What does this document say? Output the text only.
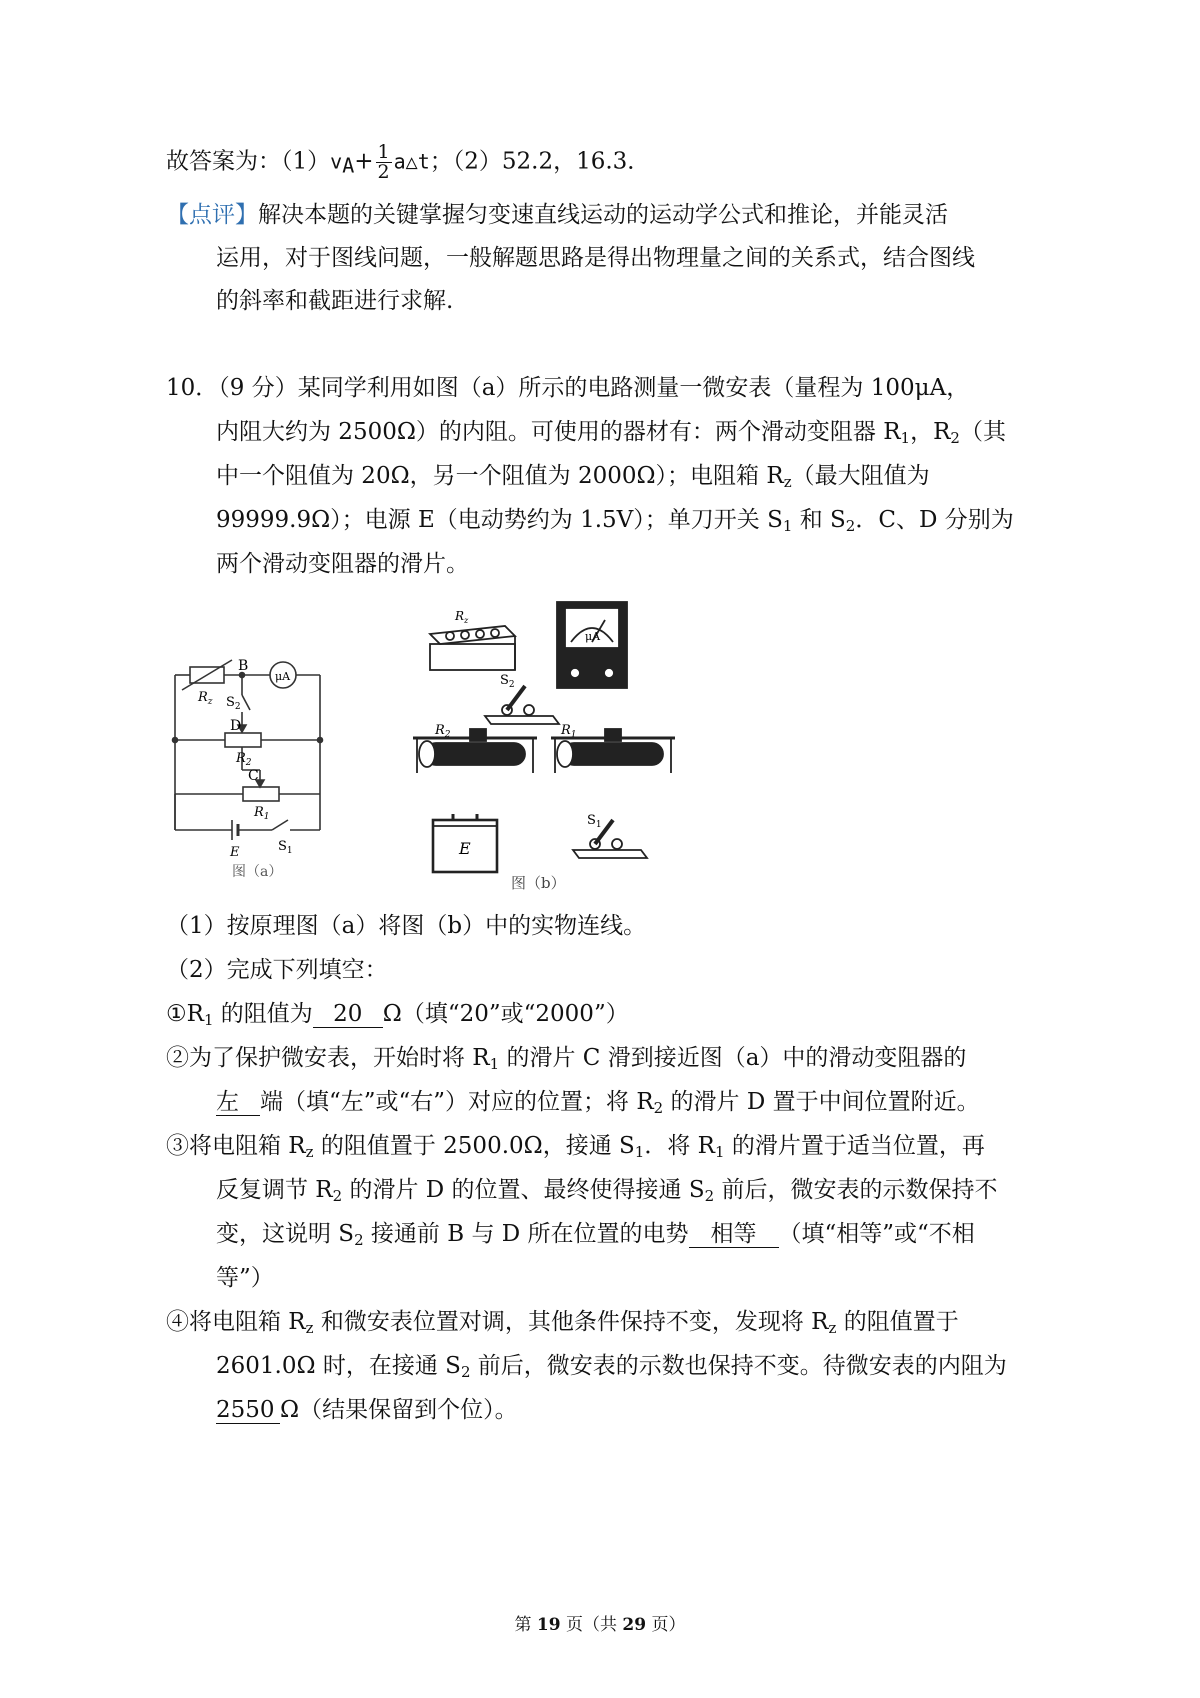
故答案为：$(1)v_A+ \frac{1}{2}$ a△t；（2）52.2，16.3．
【点评】解决本题的关键掌握匀变速直线运动的运动学公式和推论，并能灵活
运用，对于图线问题，一般解题思路是得出物理量之间的关系式，结合图线
的斜率和截距进行求解.
10．（9 分）某同学利用如图（a）所示的电路测量一微安表（量程为 100μA，
内阻大约为 2500Ω）的内阻。可使用的器材有：两个滑动变阻器 $R_1$，$R_2$（其
中一个阻值为 20Ω，另一个阻值为 2000Ω）；电阻箱 $R_z$（最大阻值为
99999.9Ω）；电源 E（电动势约为 1.5V）；单刀开关 $S_1$ 和 $S_2$．C、D 分别为
两个滑动变阻器的滑片。
B
μA
$R_z$ $S_2$
D
$R_2$
C
$R_1$
E	$S_1$
图（a）
$R_z$
μA
$S_2$
$R_2$	$R_1$
E
$S_1$
图（b）
（1）按原理图（a）将图（b）中的实物连线。
（2）完成下列填空：
$①R_1$ 的阻值为 20 Ω（填“20”或“2000”）
②为了保护微安表，开始时将 $R_1$ 的滑片 C 滑到接近图（a）中的滑动变阻器的
左 端（填“左”或“右”）对应的位置；将 $R_2$ 的滑片 D 置于中间位置附近。
③将电阻箱 $R_z$ 的阻值置于 2500.0Ω，接通 $S_1$．将 $R_1$ 的滑片置于适当位置，再
反复调节 $R_2$ 的滑片 D 的位置、最终使得接通 $S_2$ 前后，微安表的示数保持不
变，这说明 $S_2$ 接通前 B 与 D 所在位置的电势 相等 （填“相等”或“不相
等”）
④将电阻箱 $R_z$ 和微安表位置对调，其他条件保持不变，发现将 $R_z$ 的阻值置于
2601.0Ω 时，在接通 $S_2$ 前后，微安表的示数也保持不变。待微安表的内阻为
2550 Ω（结果保留到个位）。
第 19 页（共 29 页）
